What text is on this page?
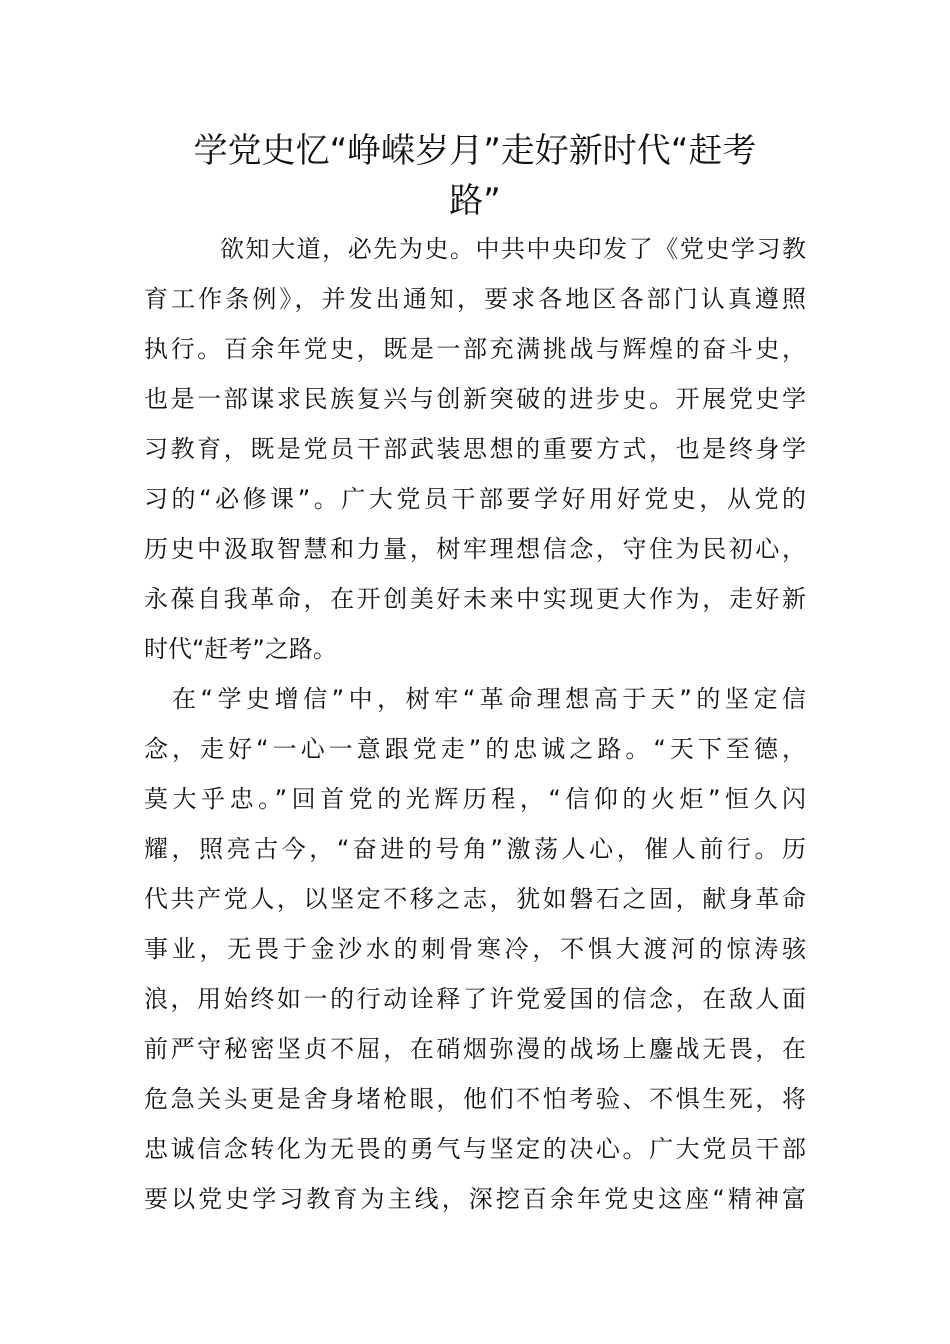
学党史忆“峥嵘岁月”走好新时代“赶考
路”
欲知大道，必先为史。中共中央印发了《党史学习教
育工作条例》，并发出通知，要求各地区各部门认真遵照
执行。百余年党史，既是一部充满挑战与辉煌的奋斗史，
也是一部谋求民族复兴与创新突破的进步史。开展党史学
习教育，既是党员干部武装思想的重要方式，也是终身学
习的“必修课”。广大党员干部要学好用好党史，从党的
历史中汲取智慧和力量，树牢理想信念，守住为民初心，
永葆自我革命，在开创美好未来中实现更大作为，走好新
时代“赶考”之路。
在“学史增信”中，树牢“革命理想高于天”的坚定信
念，走好“一心一意跟党走”的忠诚之路。“天下至德，
莫大乎忠。”回首党的光辉历程，“信仰的火炬”恒久闪
耀，照亮古今，“奋进的号角”激荡人心，催人前行。历
代共产党人，以坚定不移之志，犹如磐石之固，献身革命
事业，无畏于金沙水的刺骨寒冷，不惧大渡河的惊涛骇
浪，用始终如一的行动诠释了许党爱国的信念，在敌人面
前严守秘密坚贞不屈，在硝烟弥漫的战场上鏖战无畏，在
危急关头更是舍身堵枪眼，他们不怕考验、不惧生死，将
忠诚信念转化为无畏的勇气与坚定的决心。广大党员干部
要以党史学习教育为主线，深挖百余年党史这座“精神富
